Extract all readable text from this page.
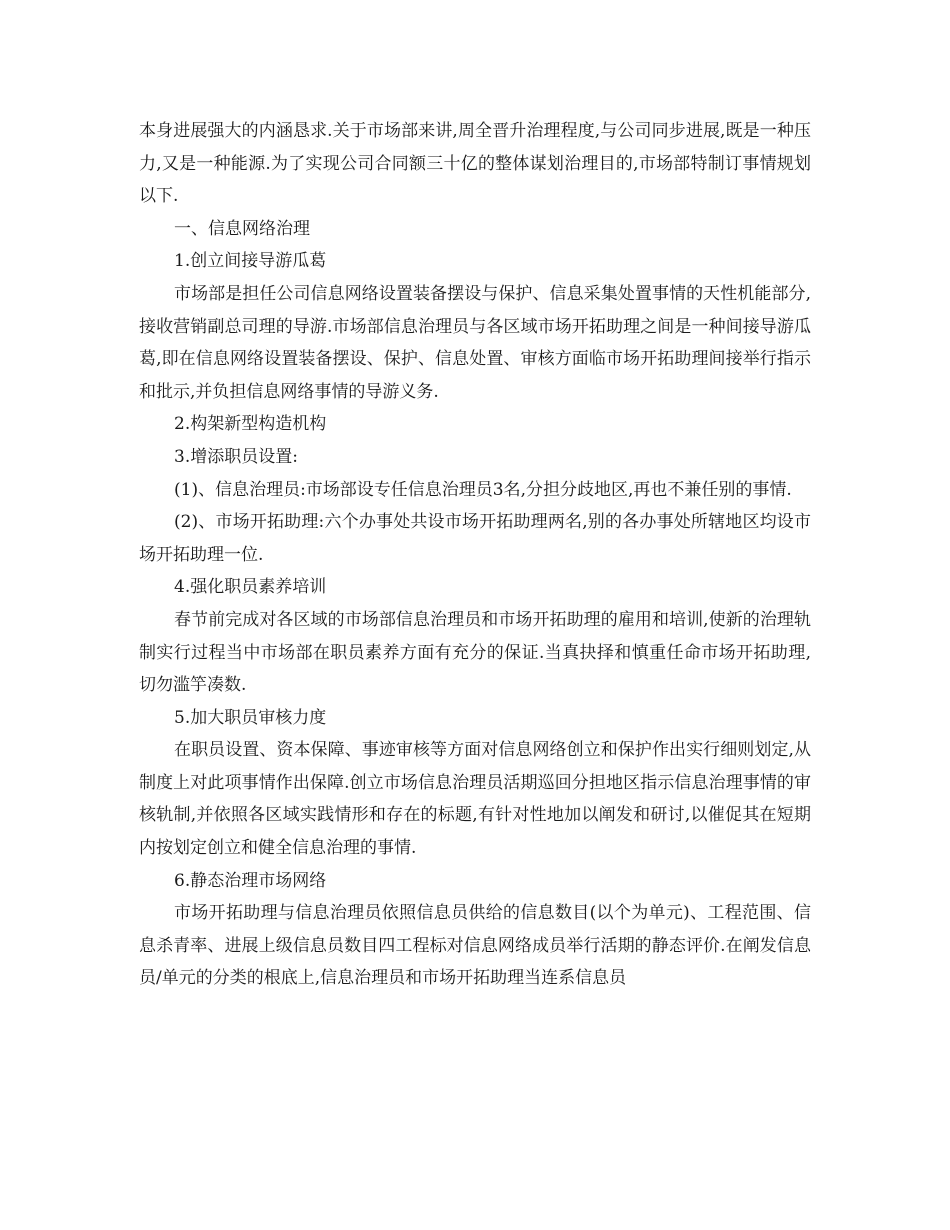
本身进展强大的内涵恳求.关于市场部来讲,周全晋升治理程度,与公司同步进展,既是一种压力,又是一种能源.为了实现公司合同额三十亿的整体谋划治理目的,市场部特制订事情规划以下.

一、信息网络治理

1.创立间接导游瓜葛

市场部是担任公司信息网络设置装备摆设与保护、信息采集处置事情的天性机能部分,接收营销副总司理的导游.市场部信息治理员与各区域市场开拓助理之间是一种间接导游瓜葛,即在信息网络设置装备摆设、保护、信息处置、审核方面临市场开拓助理间接举行指示和批示,并负担信息网络事情的导游义务.

2.构架新型构造机构

3.增添职员设置:

(1)、信息治理员:市场部设专任信息治理员3名,分担分歧地区,再也不兼任别的事情.

(2)、市场开拓助理:六个办事处共设市场开拓助理两名,别的各办事处所辖地区均设市场开拓助理一位.

4.强化职员素养培训

春节前完成对各区域的市场部信息治理员和市场开拓助理的雇用和培训,使新的治理轨制实行过程当中市场部在职员素养方面有充分的保证.当真抉择和慎重任命市场开拓助理,切勿滥竽凑数.

5.加大职员审核力度

在职员设置、资本保障、事迹审核等方面对信息网络创立和保护作出实行细则划定,从制度上对此项事情作出保障.创立市场信息治理员活期巡回分担地区指示信息治理事情的审核轨制,并依照各区域实践情形和存在的标题,有针对性地加以阐发和研讨,以催促其在短期内按划定创立和健全信息治理的事情.

6.静态治理市场网络

市场开拓助理与信息治理员依照信息员供给的信息数目(以个为单元)、工程范围、信息杀青率、进展上级信息员数目四工程标对信息网络成员举行活期的静态评价.在阐发信息员/单元的分类的根底上,信息治理员和市场开拓助理当连系信息员
